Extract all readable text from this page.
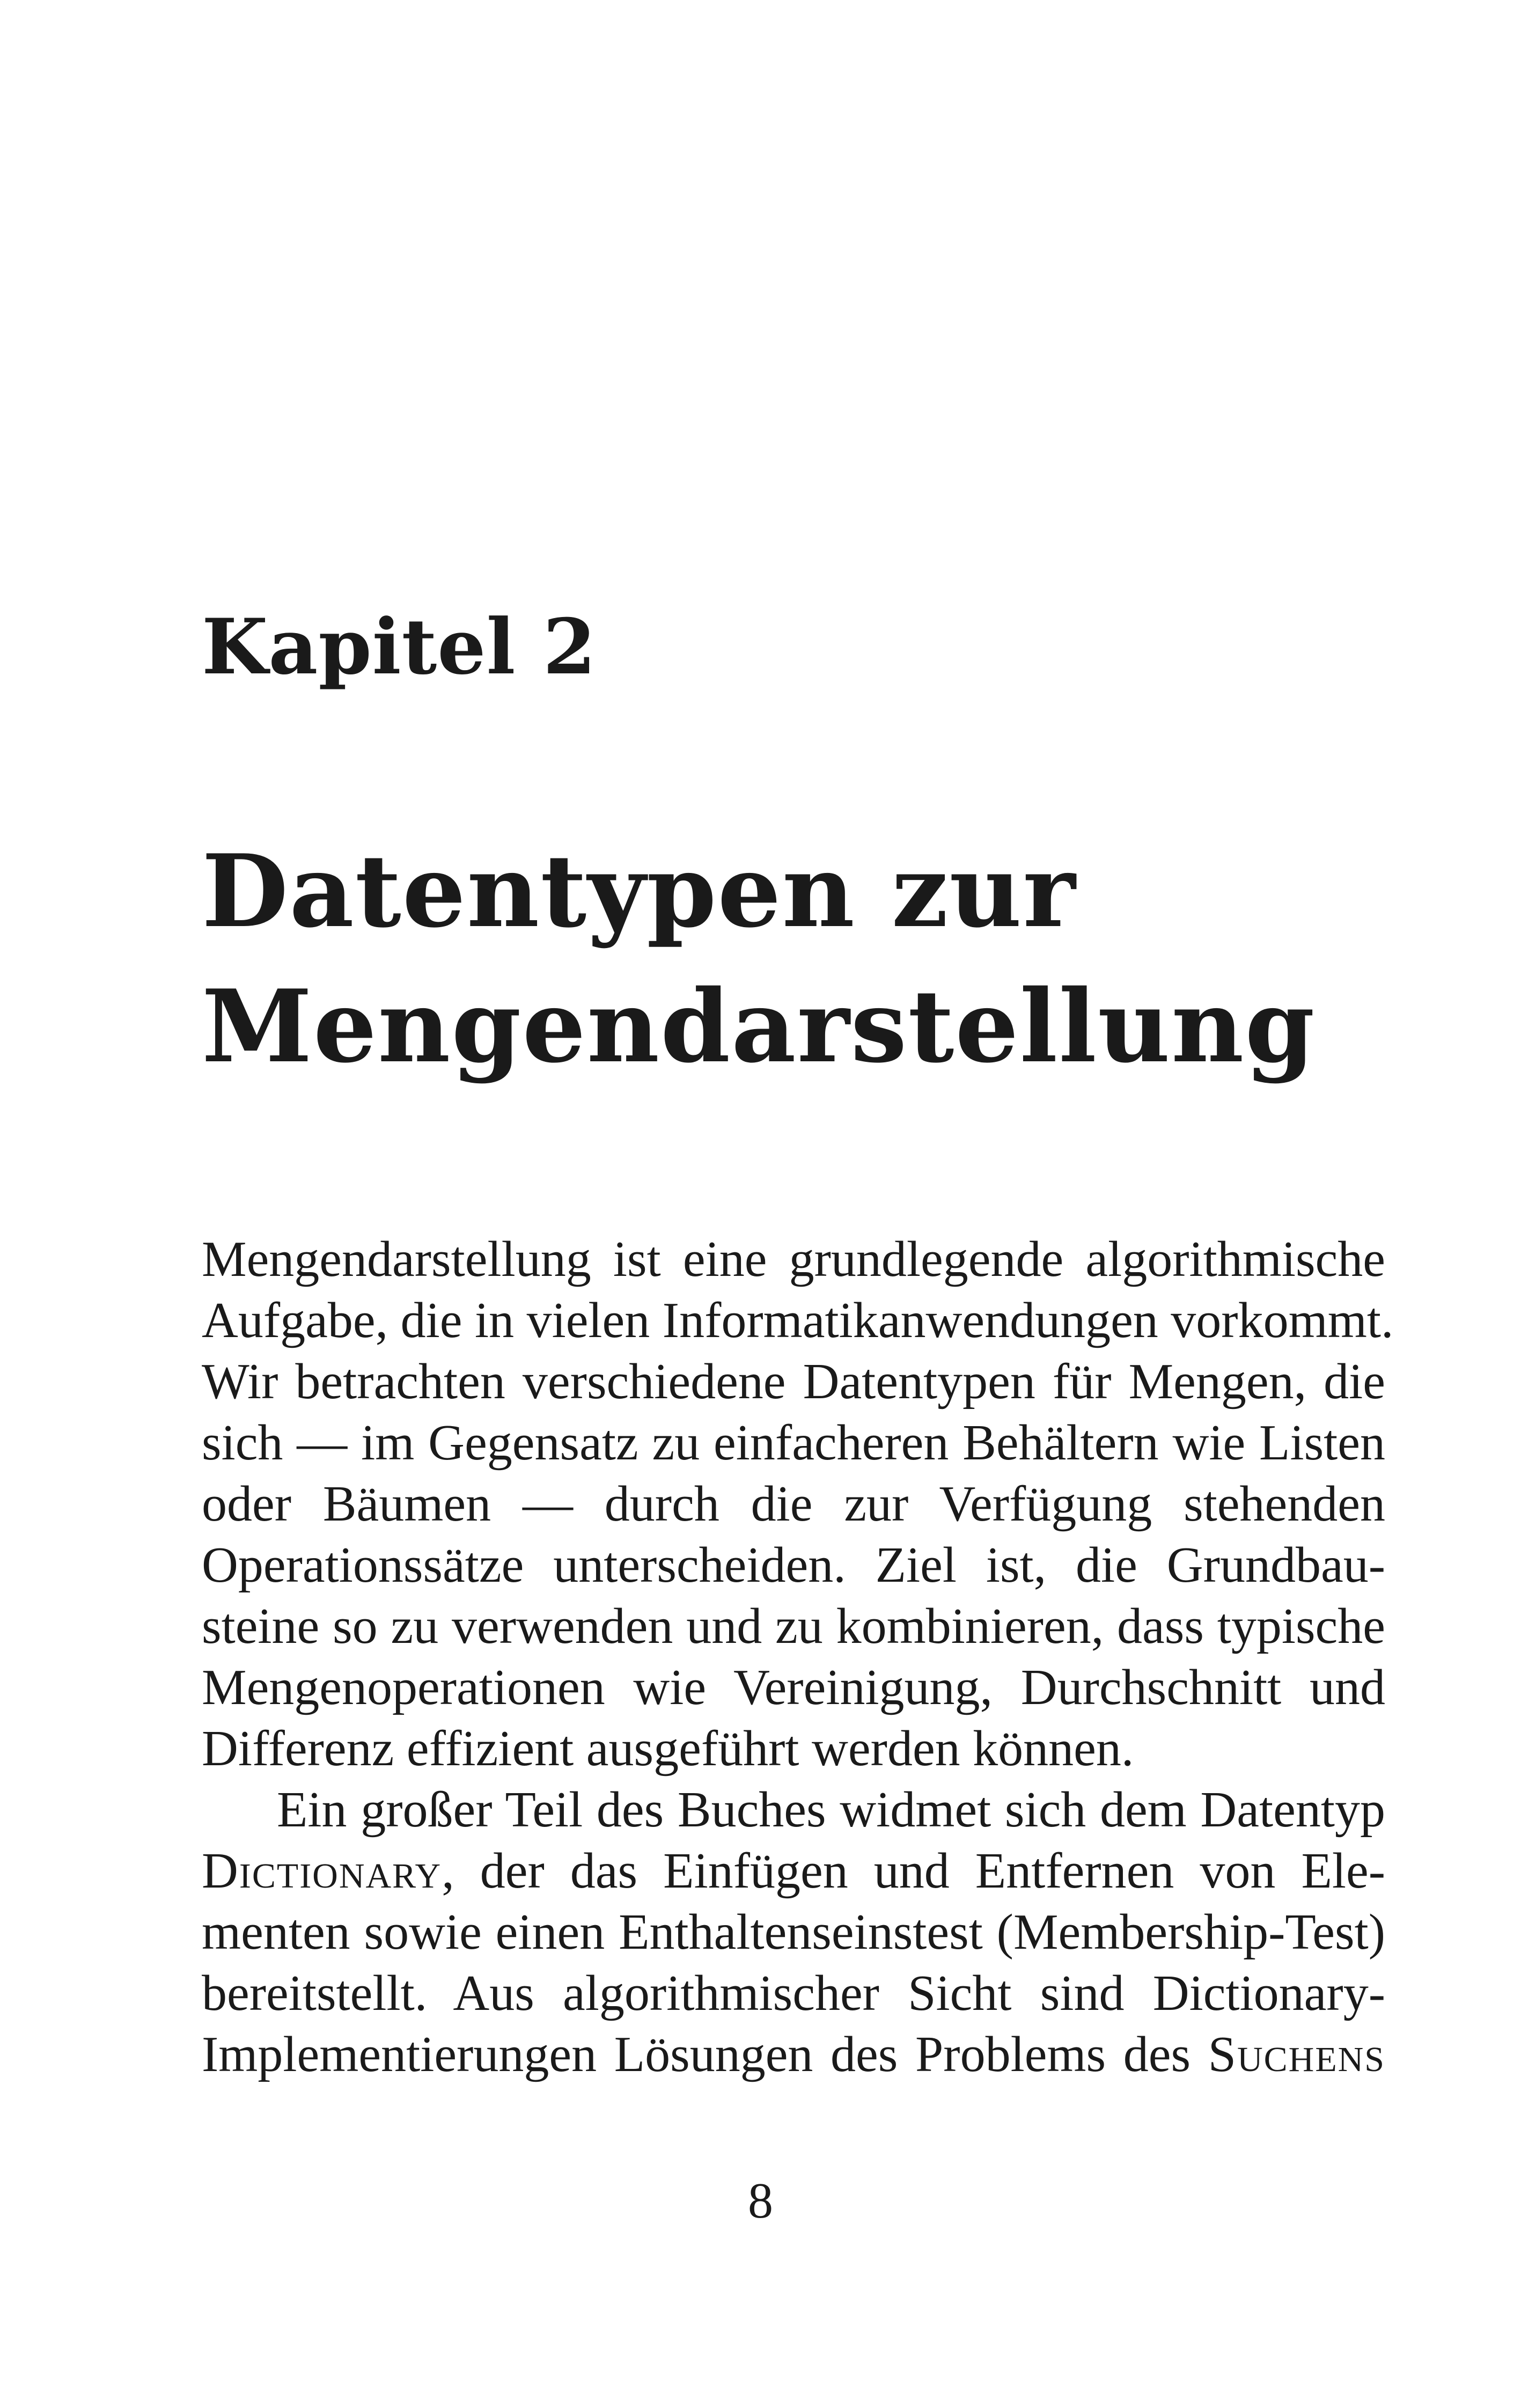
Kapitel 2
Datentypen zur
Mengendarstellung

Mengendarstellung ist eine grundlegende algorithmische
Aufgabe, die in vielen Informatikanwendungen vorkommt.
Wir betrachten verschiedene Datentypen für Mengen, die
sich — im Gegensatz zu einfacheren Behältern wie Listen
oder Bäumen — durch die zur Verfügung stehenden
Operationssätze unterscheiden. Ziel ist, die Grundbau-
steine so zu verwenden und zu kombinieren, dass typische
Mengenoperationen wie Vereinigung, Durchschnitt und
Differenz effizient ausgeführt werden können.

Ein großer Teil des Buches widmet sich dem Datentyp
Dictionary, der das Einfügen und Entfernen von Ele-
menten sowie einen Enthaltenseinstest (Membership-Test)
bereitstellt. Aus algorithmischer Sicht sind Dictionary-
Implementierungen Lösungen des Problems des Suchens

8
